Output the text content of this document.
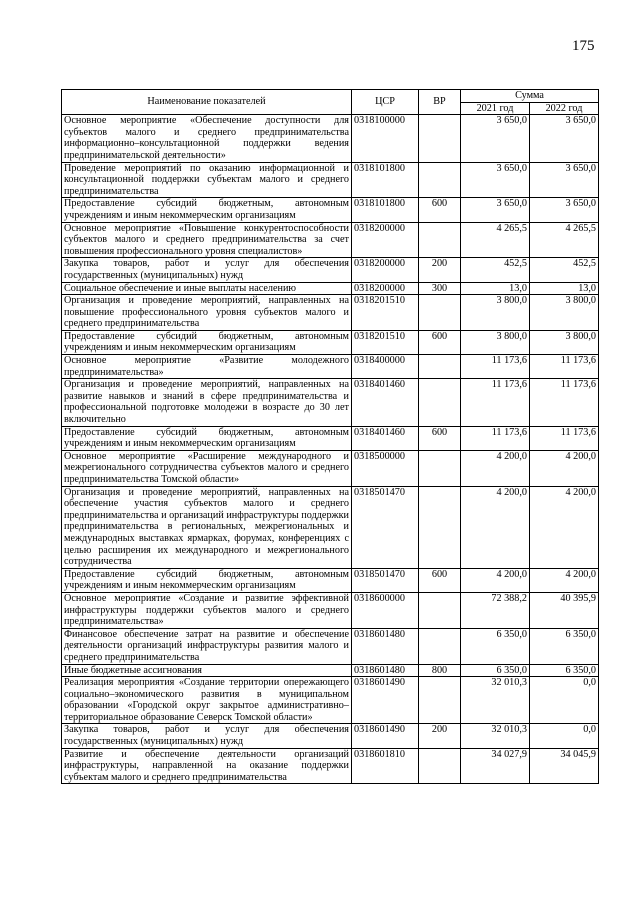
175
Наименование показателей	ЦСР	ВР	Сумма	
			2021 год	2022 год
Основное мероприятие «Обеспечение доступности для субъектов малого и среднего предпринимательства информационно–консультационной поддержки ведения предпринимательской деятельности»	0318100000		3 650,0	3 650,0
Проведение мероприятий по оказанию информационной и консультационной поддержки субъектам малого и среднего предпринимательства	0318101800		3 650,0	3 650,0
Предоставление субсидий бюджетным, автономным учреждениям и иным некоммерческим организациям	0318101800	600	3 650,0	3 650,0
Основное мероприятие «Повышение конкурентоспособности субъектов малого и среднего предпринимательства за счет повышения профессионального уровня специалистов»	0318200000		4 265,5	4 265,5
Закупка товаров, работ и услуг для обеспечения государственных (муниципальных) нужд	0318200000	200	452,5	452,5
Социальное обеспечение и иные выплаты населению	0318200000	300	13,0	13,0
Организация и проведение мероприятий, направленных на повышение профессионального уровня субъектов малого и среднего предпринимательства	0318201510		3 800,0	3 800,0
Предоставление субсидий бюджетным, автономным учреждениям и иным некоммерческим организациям	0318201510	600	3 800,0	3 800,0
Основное мероприятие «Развитие молодежного предпринимательства»	0318400000		11 173,6	11 173,6
Организация и проведение мероприятий, направленных на развитие навыков и знаний в сфере предпринимательства и профессиональной подготовке молодежи в возрасте до 30 лет включительно	0318401460		11 173,6	11 173,6
Предоставление субсидий бюджетным, автономным учреждениям и иным некоммерческим организациям	0318401460	600	11 173,6	11 173,6
Основное мероприятие «Расширение международного и межрегионального сотрудничества субъектов малого и среднего предпринимательства Томской области»	0318500000		4 200,0	4 200,0
Организация и проведение мероприятий, направленных на обеспечение участия субъектов малого и среднего предпринимательства и организаций инфраструктуры поддержки предпринимательства в региональных, межрегиональных и международных выставках ярмарках, форумах, конференциях с целью расширения их международного и межрегионального сотрудничества	0318501470		4 200,0	4 200,0
Предоставление субсидий бюджетным, автономным учреждениям и иным некоммерческим организациям	0318501470	600	4 200,0	4 200,0
Основное мероприятие «Создание и развитие эффективной инфраструктуры поддержки субъектов малого и среднего предпринимательства»	0318600000		72 388,2	40 395,9
Финансовое обеспечение затрат на развитие и обеспечение деятельности организаций инфраструктуры развития малого и среднего предпринимательства	0318601480		6 350,0	6 350,0
Иные бюджетные ассигнования	0318601480	800	6 350,0	6 350,0
Реализация мероприятия «Создание территории опережающего социально–экономического развития в муниципальном образовании «Городской округ закрытое административно–территориальное образование Северск Томской области»	0318601490		32 010,3	0,0
Закупка товаров, работ и услуг для обеспечения государственных (муниципальных) нужд	0318601490	200	32 010,3	0,0
Развитие и обеспечение деятельности организаций инфраструктуры, направленной на оказание поддержки субъектам малого и среднего предпринимательства	0318601810		34 027,9	34 045,9
